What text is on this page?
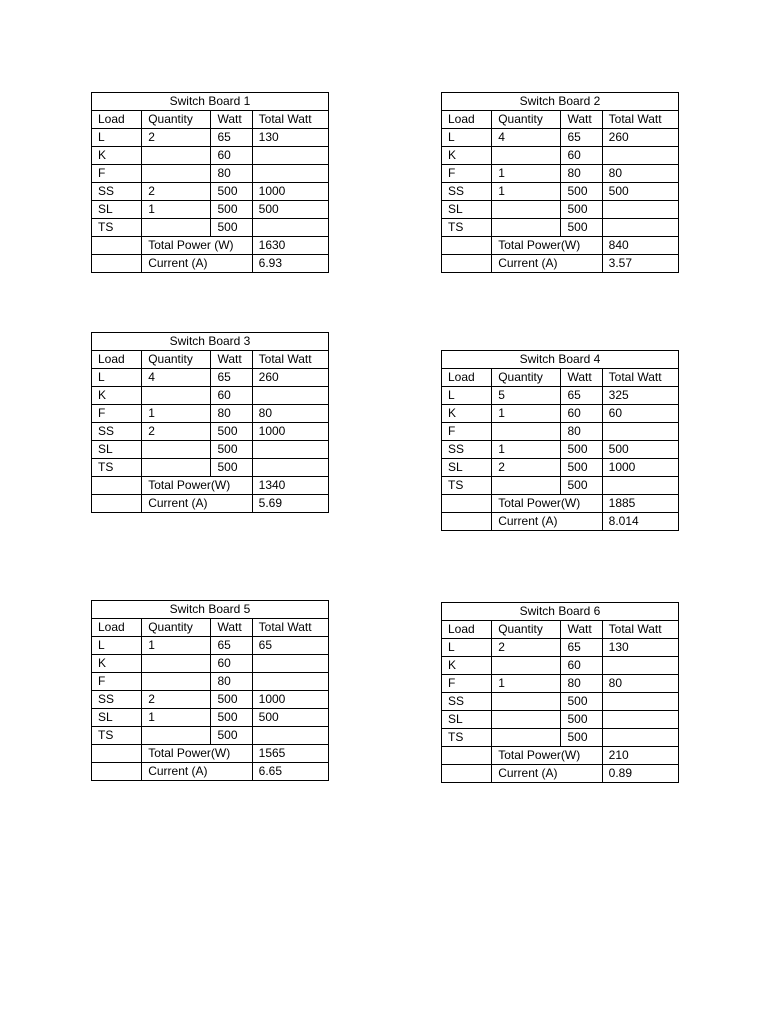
Switch Board 1			
Load	Quantity	Watt	Total Watt
L	2	65	130
K		60	
F		80	
SS	2	500	1000
SL	1	500	500
TS		500	
	Total Power (W)		1630
	Current (A)		6.93
Switch Board 2			
Load	Quantity	Watt	Total Watt
L	4	65	260
K		60	
F	1	80	80
SS	1	500	500
SL		500	
TS		500	
	Total Power(W)		840
	Current (A)		3.57
Switch Board 3			
Load	Quantity	Watt	Total Watt
L	4	65	260
K		60	
F	1	80	80
SS	2	500	1000
SL		500	
TS		500	
	Total Power(W)		1340
	Current (A)		5.69
Switch Board 4			
Load	Quantity	Watt	Total Watt
L	5	65	325
K	1	60	60
F		80	
SS	1	500	500
SL	2	500	1000
TS		500	
	Total Power(W)		1885
	Current (A)		8.014
Switch Board 5			
Load	Quantity	Watt	Total Watt
L	1	65	65
K		60	
F		80	
SS	2	500	1000
SL	1	500	500
TS		500	
	Total Power(W)		1565
	Current (A)		6.65
Switch Board 6			
Load	Quantity	Watt	Total Watt
L	2	65	130
K		60	
F	1	80	80
SS		500	
SL		500	
TS		500	
	Total Power(W)		210
	Current (A)		0.89
